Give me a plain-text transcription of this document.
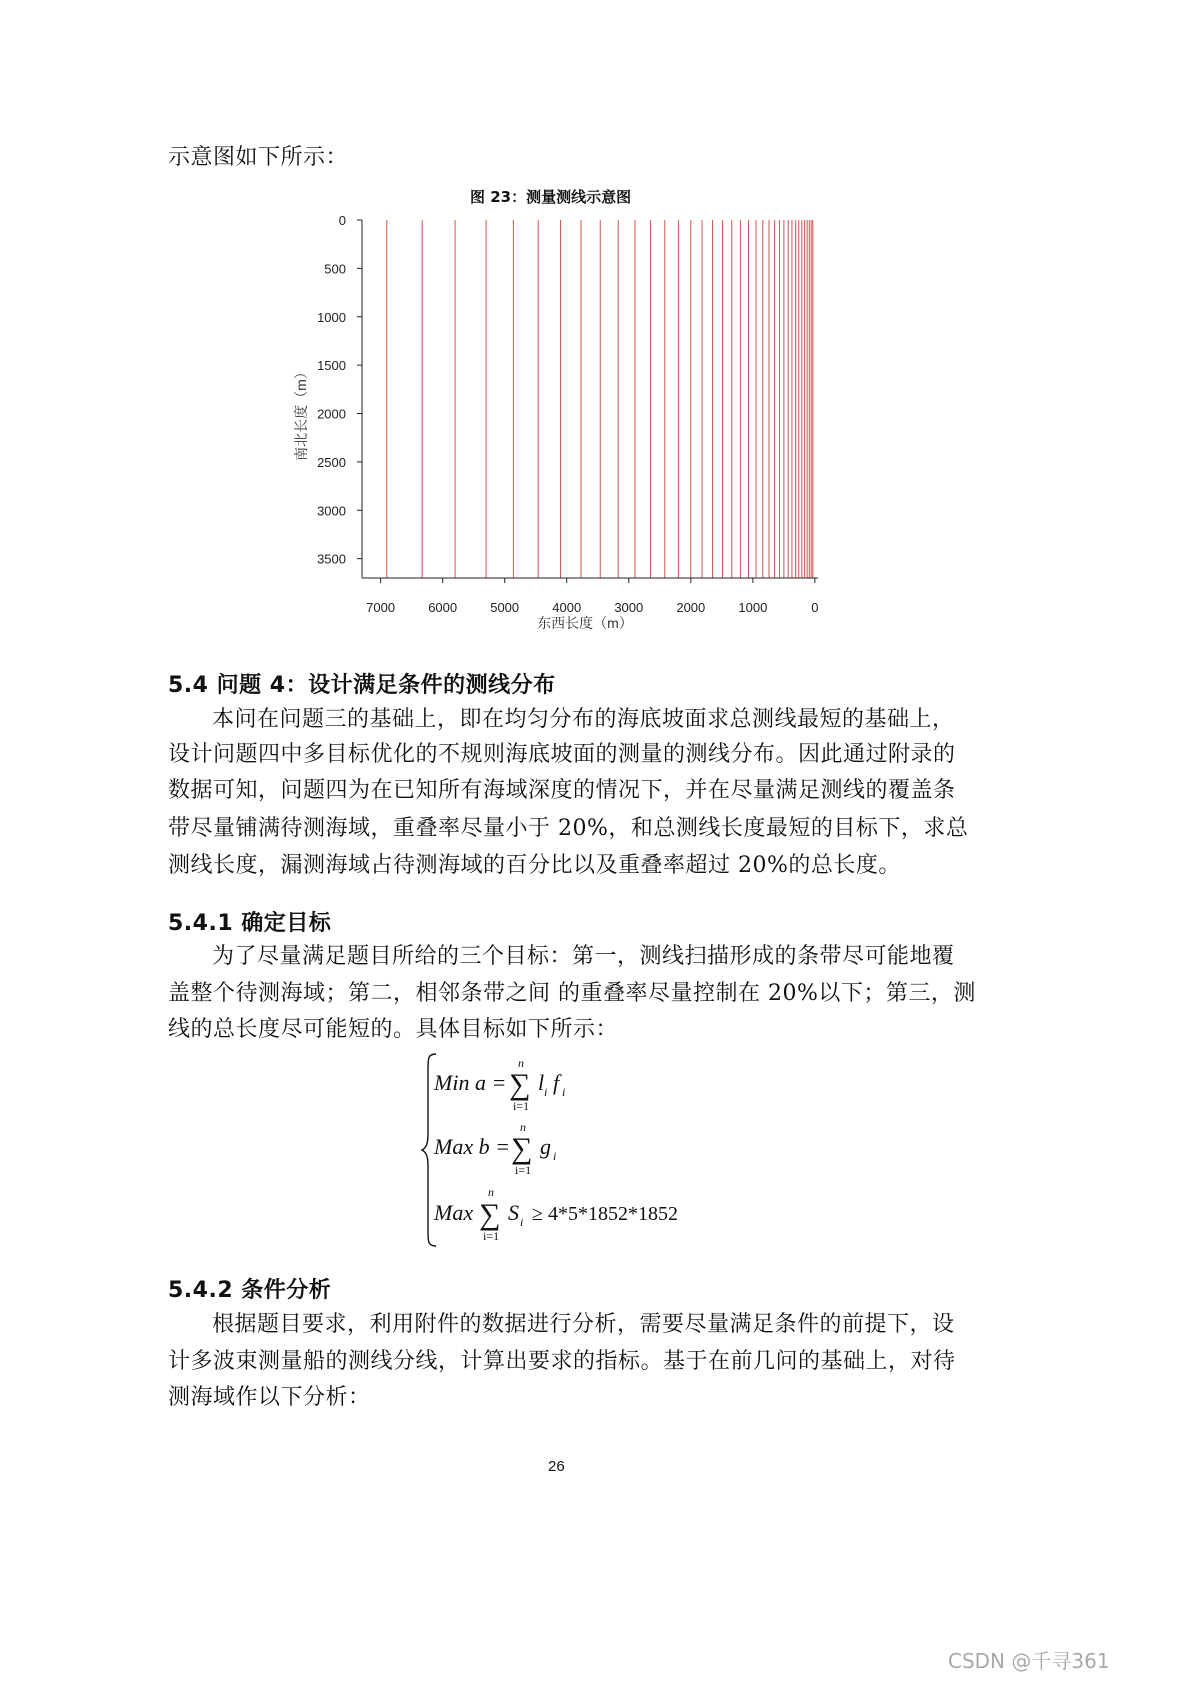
示意图如下所示：
图 23：测量测线示意图
0
500
1000
1500
2000
2500
3000
3500
7000	6000	5000	4000	3000	2000	1000	0
东西长度（m）
南北长度（m）
5.4 问题 4：设计满足条件的测线分布
本问在问题三的基础上，即在均匀分布的海底坡面求总测线最短的基础上，
设计问题四中多目标优化的不规则海底坡面的测量的测线分布。因此通过附录的
数据可知，问题四为在已知所有海域深度的情况下，并在尽量满足测线的覆盖条
带尽量铺满待测海域，重叠率尽量小于 20%，和总测线长度最短的目标下，求总
测线长度，漏测海域占待测海域的百分比以及重叠率超过 20%的总长度。
5.4.1 确定目标
为了尽量满足题目所给的三个目标：第一，测线扫描形成的条带尽可能地覆
盖整个待测海域；第二，相邻条带之间 的重叠率尽量控制在 20%以下；第三，测
线的总长度尽可能短的。具体目标如下所示：
Min a =
n
∑
i=1
l i f i
Max b =
n
∑
i=1
g i
Max
n
∑
i=1
S i ≥ 4*5*1852*1852
5.4.2 条件分析
根据题目要求，利用附件的数据进行分析，需要尽量满足条件的前提下，设
计多波束测量船的测线分线，计算出要求的指标。基于在前几问的基础上，对待
测海域作以下分析：
26
CSDN @千寻361
